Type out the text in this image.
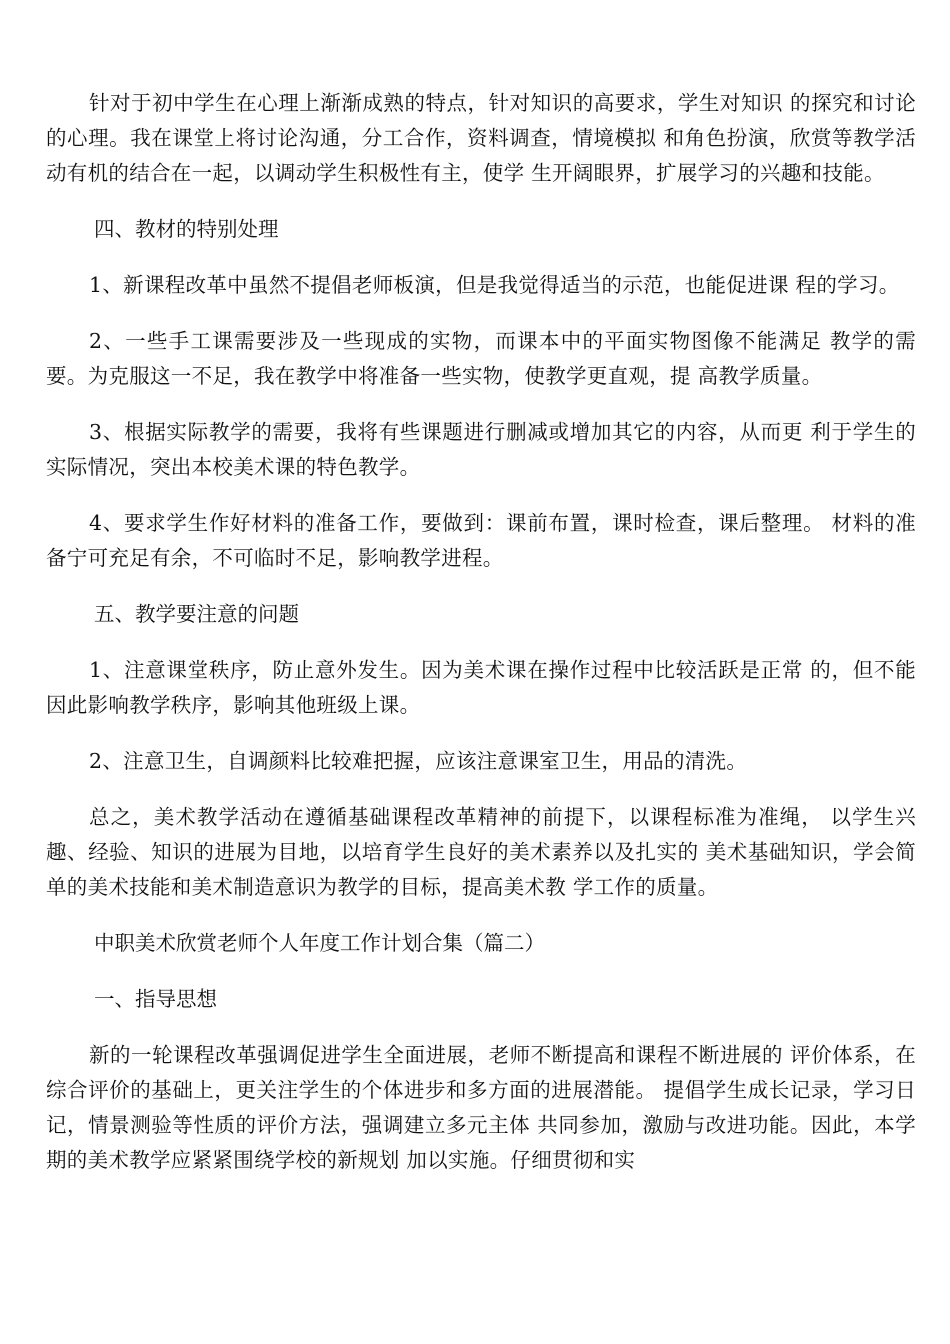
针对于初中学生在心理上渐渐成熟的特点，针对知识的高要求，学生对知识 的探究和讨论的心理。我在课堂上将讨论沟通，分工合作，资料调查，情境模拟 和角色扮演，欣赏等教学活动有机的结合在一起，以调动学生积极性有主，使学 生开阔眼界，扩展学习的兴趣和技能。

四、教材的特别处理

1、新课程改革中虽然不提倡老师板演，但是我觉得适当的示范，也能促进课 程的学习。

2、一些手工课需要涉及一些现成的实物，而课本中的平面实物图像不能满足 教学的需要。为克服这一不足，我在教学中将准备一些实物，使教学更直观，提 高教学质量。

3、根据实际教学的需要，我将有些课题进行删减或增加其它的内容，从而更 利于学生的实际情况，突出本校美术课的特色教学。

4、要求学生作好材料的准备工作，要做到：课前布置，课时检查，课后整理。 材料的准备宁可充足有余，不可临时不足，影响教学进程。

五、教学要注意的问题

1、注意课堂秩序，防止意外发生。因为美术课在操作过程中比较活跃是正常 的，但不能因此影响教学秩序，影响其他班级上课。

2、注意卫生，自调颜料比较难把握，应该注意课室卫生，用品的清洗。

总之，美术教学活动在遵循基础课程改革精神的前提下，以课程标准为准绳， 以学生兴趣、经验、知识的进展为目地，以培育学生良好的美术素养以及扎实的 美术基础知识，学会简单的美术技能和美术制造意识为教学的目标，提高美术教 学工作的质量。

中职美术欣赏老师个人年度工作计划合集（篇二）

一、指导思想

新的一轮课程改革强调促进学生全面进展，老师不断提高和课程不断进展的 评价体系，在综合评价的基础上，更关注学生的个体进步和多方面的进展潜能。 提倡学生成长记录，学习日记，情景测验等性质的评价方法，强调建立多元主体 共同参加，激励与改进功能。因此，本学期的美术教学应紧紧围绕学校的新规划 加以实施。仔细贯彻和实
